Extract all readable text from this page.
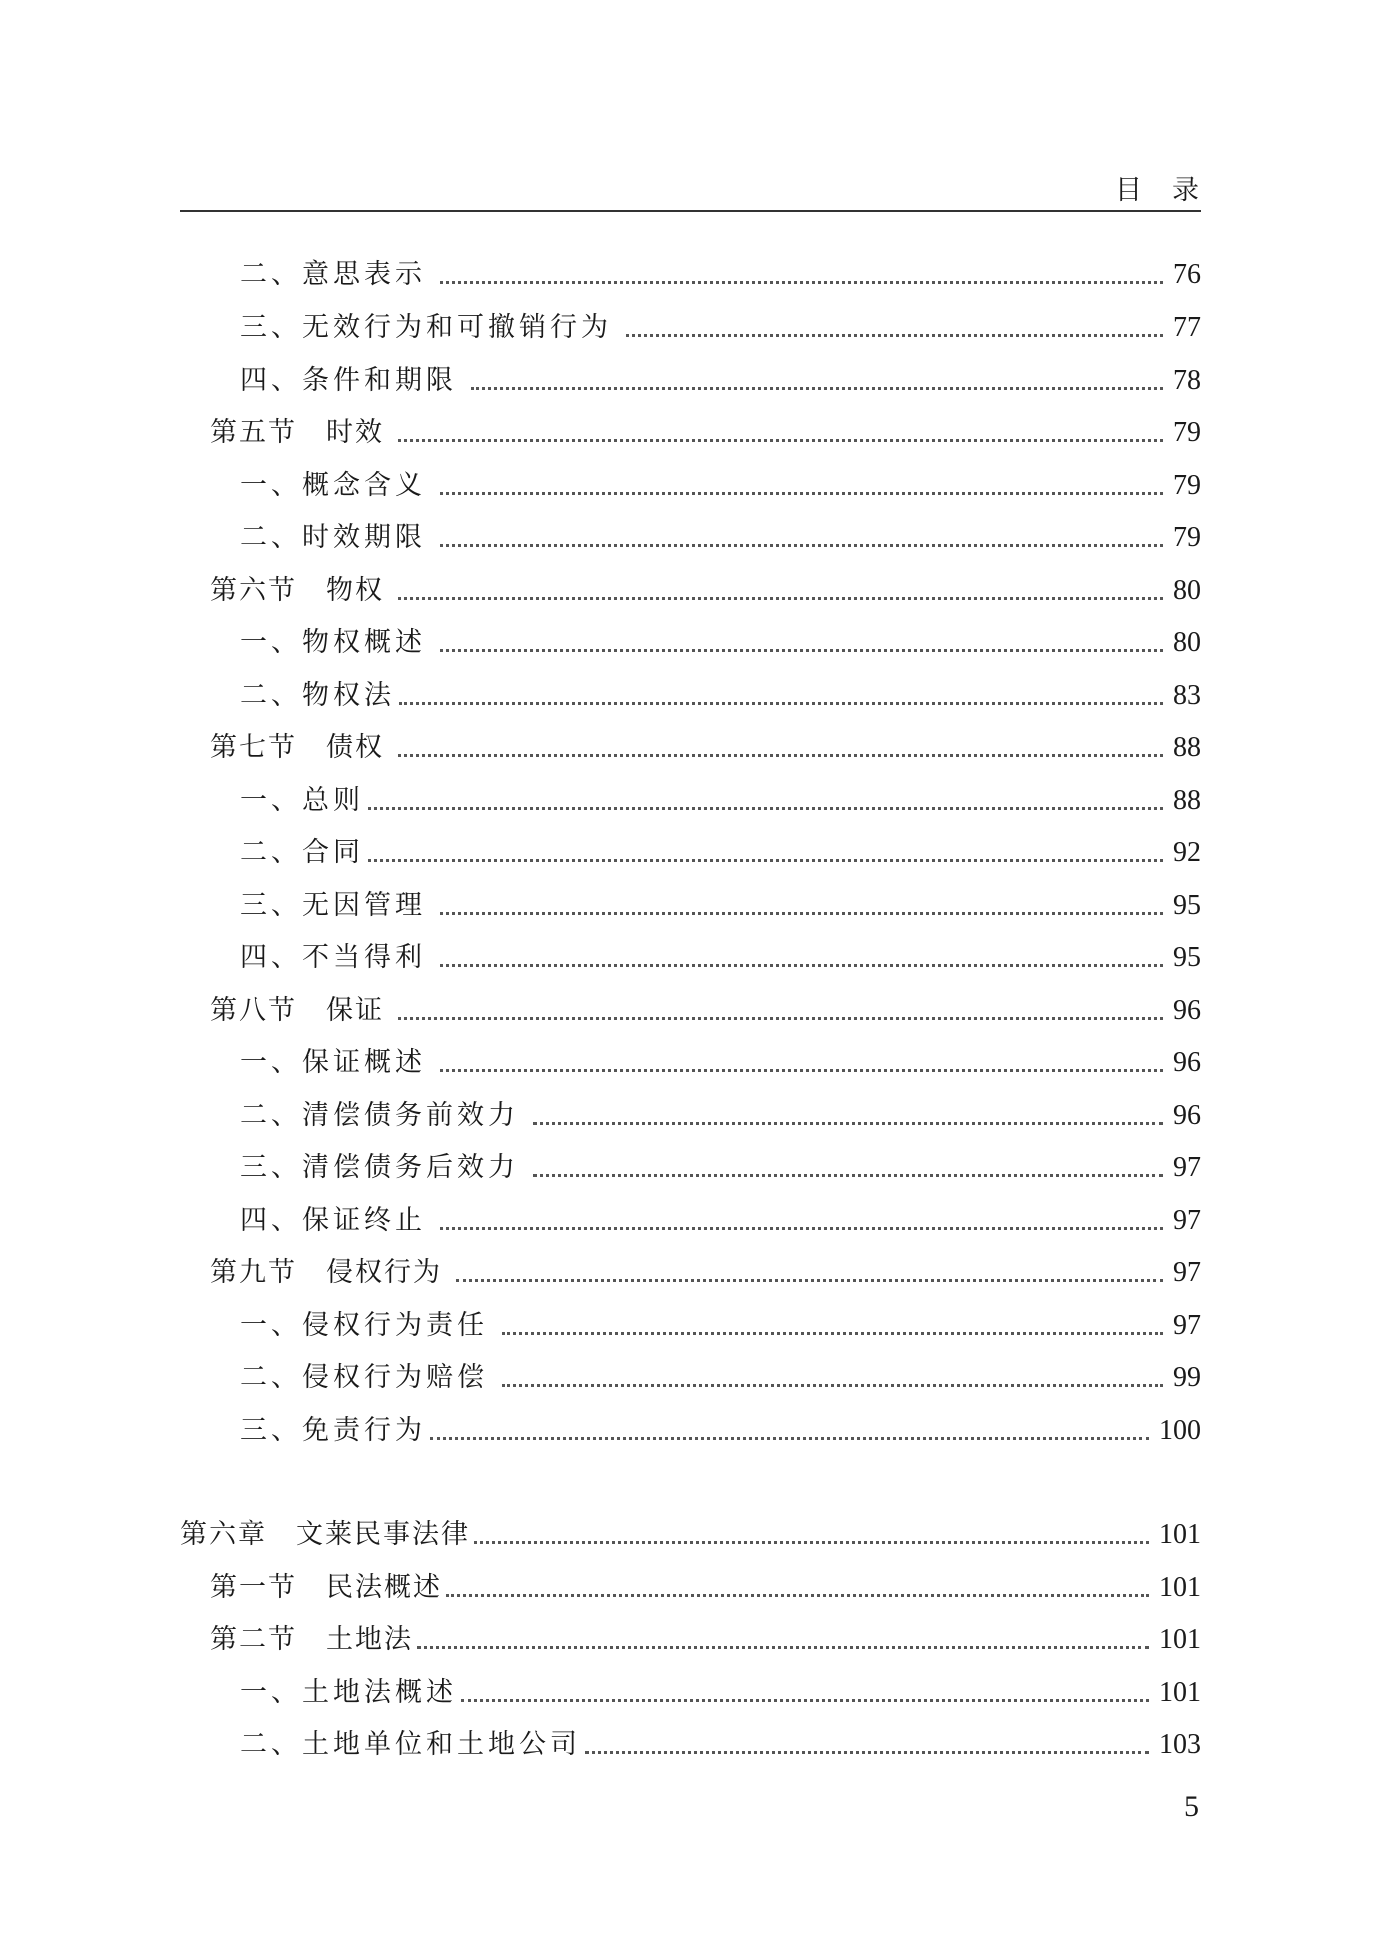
目录
二、意思表示	76
三、无效行为和可撤销行为	77
四、条件和期限	78
第五节　时效	79
一、概念含义	79
二、时效期限	79
第六节　物权	80
一、物权概述	80
二、物权法	83
第七节　债权	88
一、总则	88
二、合同	92
三、无因管理	95
四、不当得利	95
第八节　保证	96
一、保证概述	96
二、清偿债务前效力	96
三、清偿债务后效力	97
四、保证终止	97
第九节　侵权行为	97
一、侵权行为责任	97
二、侵权行为赔偿	99
三、免责行为	100
第六章　文莱民事法律	101
第一节　民法概述	101
第二节　土地法	101
一、土地法概述	101
二、土地单位和土地公司	103
5
